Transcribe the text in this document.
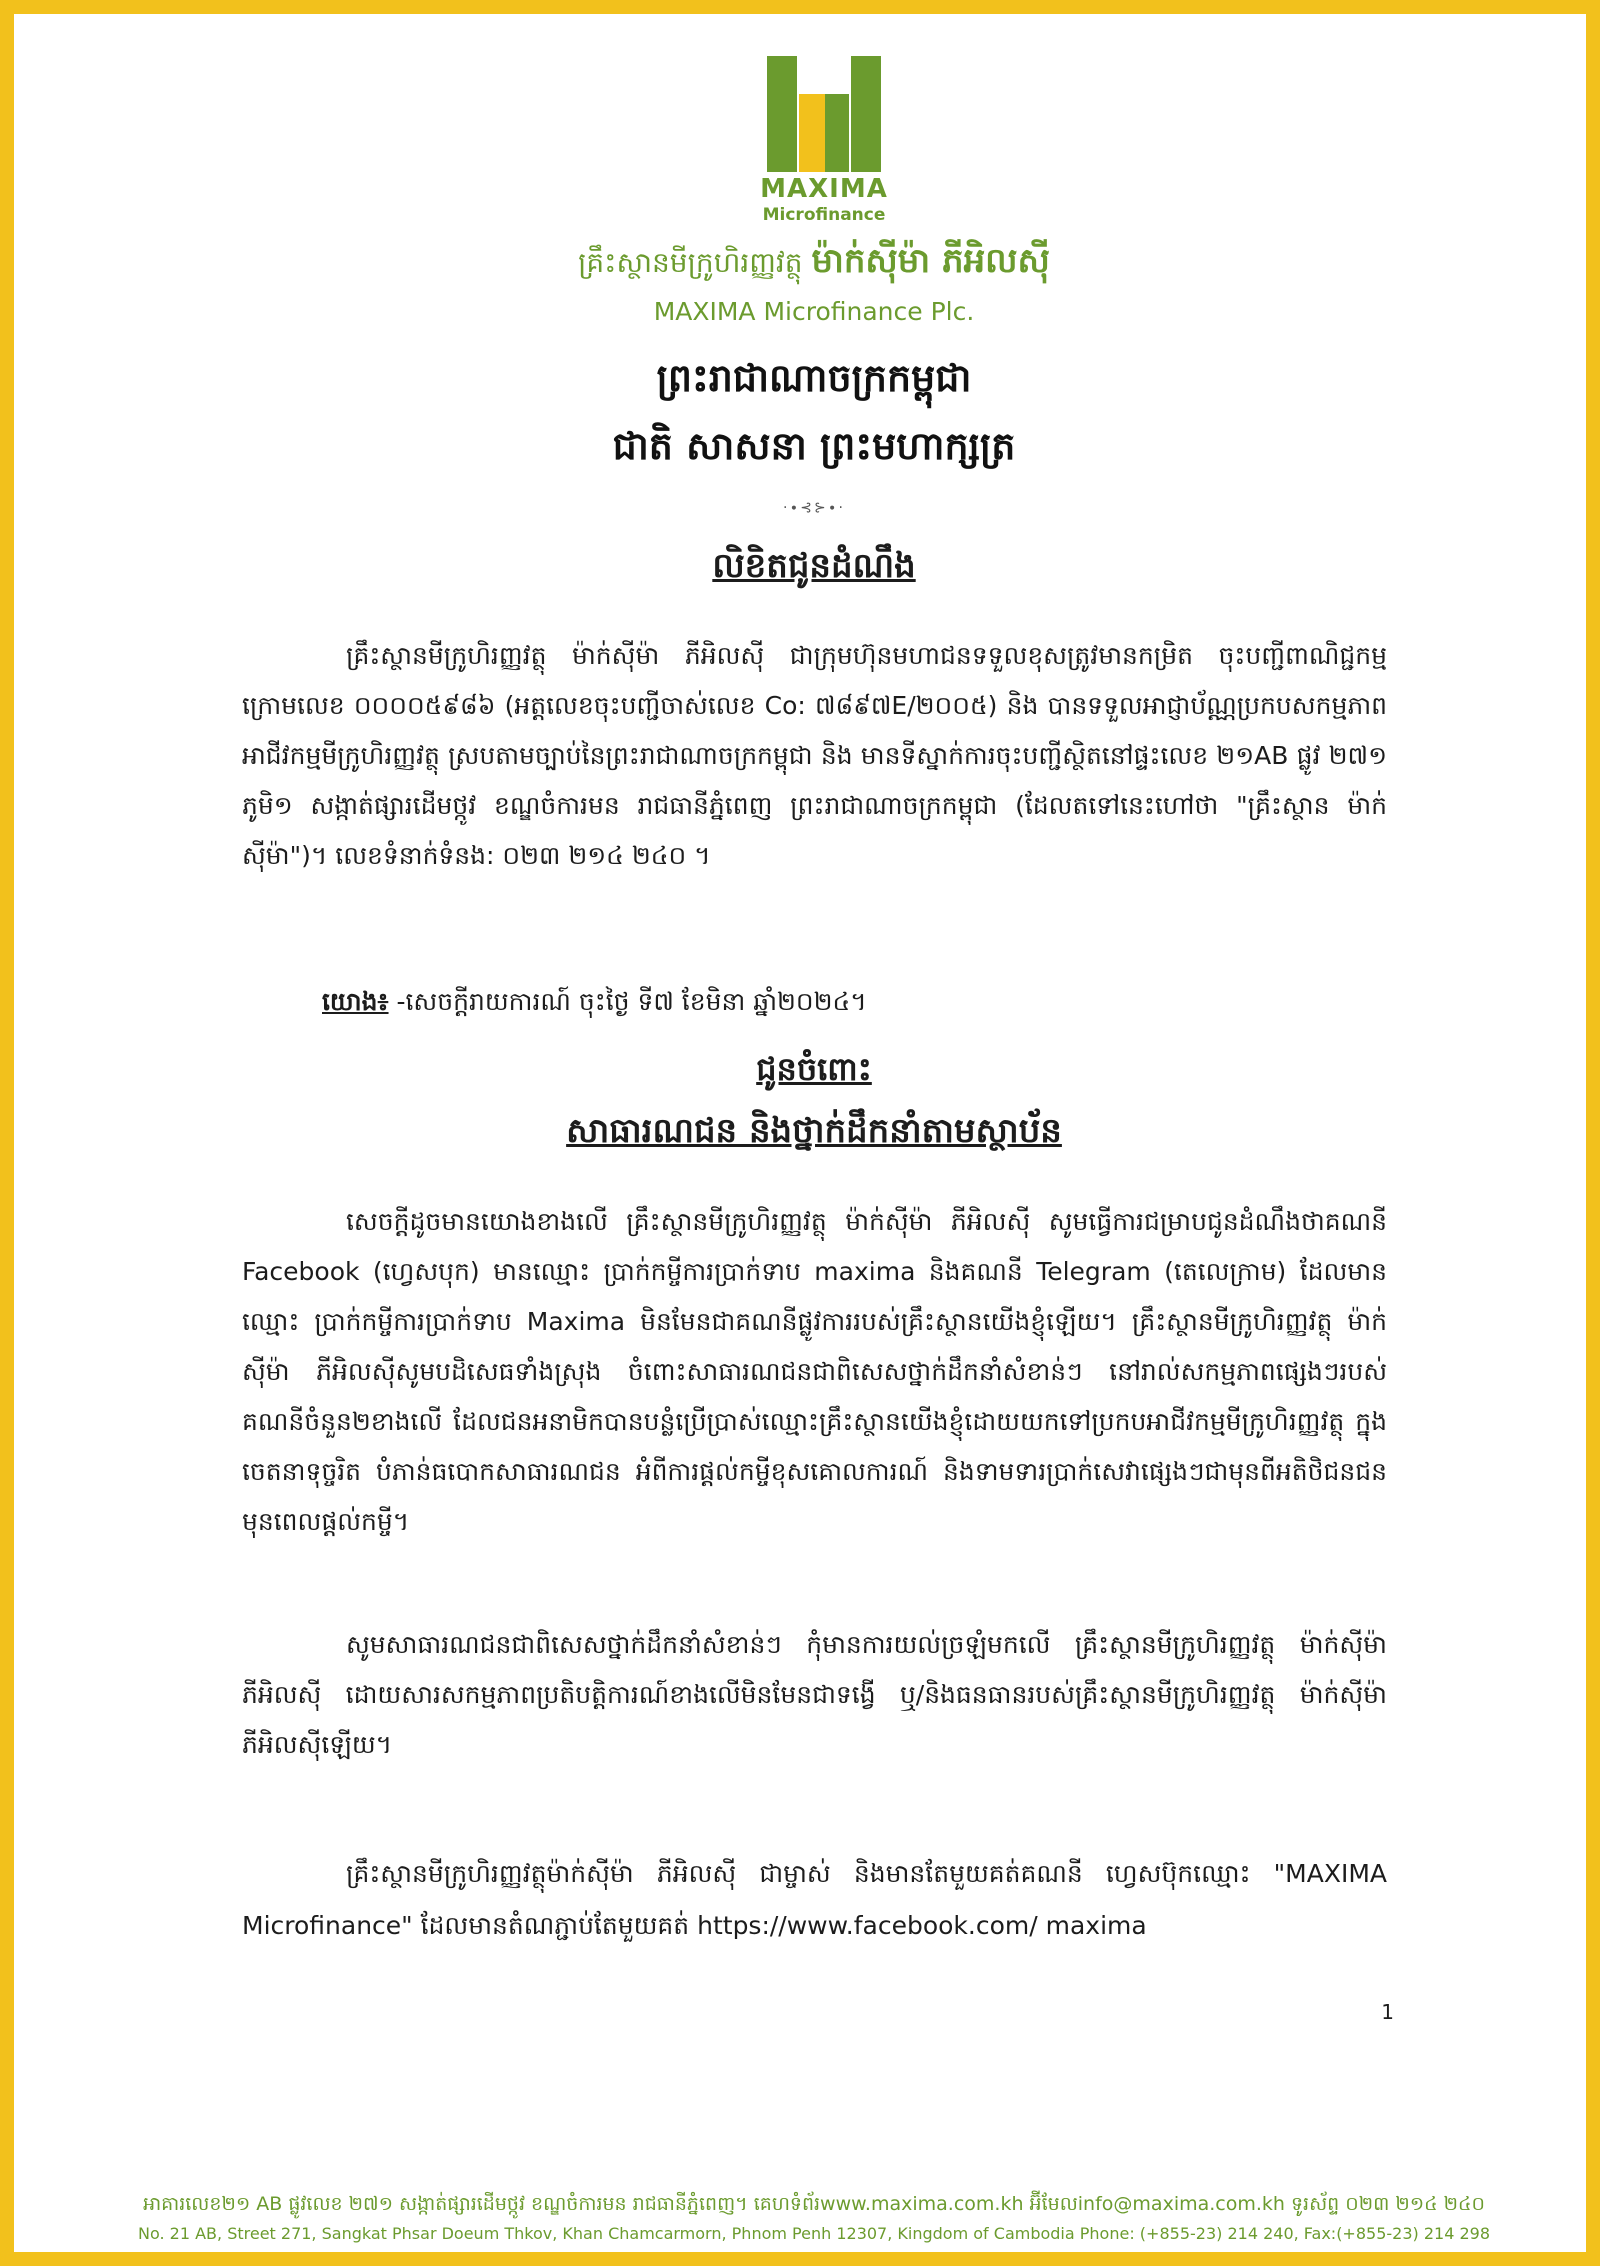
MAXIMA
Microfinance
គ្រឹះស្ថានមីក្រូហិរញ្ញវត្ថុ ម៉ាក់ស៊ីម៉ា ភីអិលស៊ី
MAXIMA Microfinance Plc.
ព្រះរាជាណាចក្រកម្ពុជា
ជាតិ សាសនា ព្រះមហាក្សត្រ
·∙⊰⊱∙·
លិខិតជូនដំណឹង

គ្រឹះស្ថានមីក្រូហិរញ្ញវត្ថុ ម៉ាក់ស៊ីម៉ា ភីអិលស៊ី ជាក្រុមហ៊ុនមហាជនទទួលខុសត្រូវមានកម្រិត ចុះបញ្ជីពាណិជ្ជកម្មក្រោមលេខ ០០០០៥៩៨៦ (អត្តលេខចុះបញ្ជីចាស់លេខ Co: ៧៨៩៧E/២០០៥) និង បានទទួលអាជ្ញាប័ណ្ណប្រកបសកម្មភាពអាជីវកម្មមីក្រូហិរញ្ញវត្ថុ ស្របតាមច្បាប់នៃព្រះរាជាណាចក្រកម្ពុជា និង មានទីស្នាក់ការចុះបញ្ជីស្ថិតនៅផ្ទះលេខ ២១AB ផ្លូវ ២៧១ ភូមិ១ សង្កាត់ផ្សារដើមថ្កូវ ខណ្ឌចំការមន រាជធានីភ្នំពេញ ព្រះរាជាណាចក្រកម្ពុជា (ដែលតទៅនេះហៅថា "គ្រឹះស្ថាន ម៉ាក់ស៊ីម៉ា")។ លេខទំនាក់ទំនង: ០២៣ ២១៤ ២៤០ ។

យោង៖ -សេចក្តីរាយការណ៍ ចុះថ្ងៃ ទី៧ ខែមិនា ឆ្នាំ២០២៤។
ជូនចំពោះ
សាធារណជន និងថ្នាក់ដឹកនាំតាមស្ថាប័ន

សេចក្តីដូចមានយោងខាងលើ គ្រឹះស្ថានមីក្រូហិរញ្ញវត្ថុ ម៉ាក់ស៊ីម៉ា ភីអិលស៊ី សូមធ្វើការជម្រាបជូនដំណឹងថាគណនី Facebook (ហ្វេសបុក) មានឈ្មោះ ប្រាក់កម្ចីការប្រាក់ទាប maxima និងគណនី Telegram (តេលេក្រាម) ដែលមានឈ្មោះ ប្រាក់កម្ចីការប្រាក់ទាប Maxima មិនមែនជាគណនីផ្លូវការរបស់គ្រឹះស្ថានយើងខ្ញុំឡើយ។ គ្រឹះស្ថានមីក្រូហិរញ្ញវត្ថុ ម៉ាក់ស៊ីម៉ា ភីអិលស៊ីសូមបដិសេធទាំងស្រុង ចំពោះសាធារណជនជាពិសេសថ្នាក់ដឹកនាំសំខាន់ៗ នៅរាល់សកម្មភាពផ្សេងៗរបស់គណនីចំនួន២ខាងលើ ដែលជនអនាមិកបានបន្លំប្រើប្រាស់ឈ្មោះគ្រឹះស្ថានយើងខ្ញុំដោយយកទៅប្រកបអាជីវកម្មមីក្រូហិរញ្ញវត្ថុ ក្នុងចេតនាទុច្ចរិត បំភាន់ធបោកសាធារណជន អំពីការផ្តល់កម្ចីខុសគោលការណ៍ និងទាមទារប្រាក់សេវាផ្សេងៗជាមុនពីអតិថិជនជនមុនពេលផ្តល់កម្ចី។

សូមសាធារណជនជាពិសេសថ្នាក់ដឹកនាំសំខាន់ៗ កុំមានការយល់ច្រឡំមកលើ គ្រឹះស្ថានមីក្រូហិរញ្ញវត្ថុ ម៉ាក់ស៊ីម៉ា ភីអិលស៊ី ដោយសារសកម្មភាពប្រតិបត្តិការណ៍ខាងលើមិនមែនជាទង្វើ ឬ/និងធនធានរបស់គ្រឹះស្ថានមីក្រូហិរញ្ញវត្ថុ ម៉ាក់ស៊ីម៉ា ភីអិលស៊ីឡើយ។

គ្រឹះស្ថានមីក្រូហិរញ្ញវត្ថុម៉ាក់ស៊ីម៉ា ភីអិលស៊ី ជាម្ចាស់ និងមានតែមួយគត់គណនី ហ្វេសប៊ុកឈ្មោះ "MAXIMA Microfinance" ដែលមានតំណភ្ជាប់តែមួយគត់ https://www.facebook.com/ maxima

1
អាគារលេខ២១ AB ផ្លូវលេខ ២៧១ សង្កាត់ផ្សារដើមថ្កូវ ខណ្ឌចំការមន រាជធានីភ្នំពេញ។ គេហទំព័រwww.maxima.com.kh អ៊ីមែលinfo@maxima.com.kh ទូរស័ព្ទ ០២៣ ២១៤ ២៤០
No. 21 AB, Street 271, Sangkat Phsar Doeum Thkov, Khan Chamcarmorn, Phnom Penh 12307, Kingdom of Cambodia Phone: (+855-23) 214 240, Fax:(+855-23) 214 298
